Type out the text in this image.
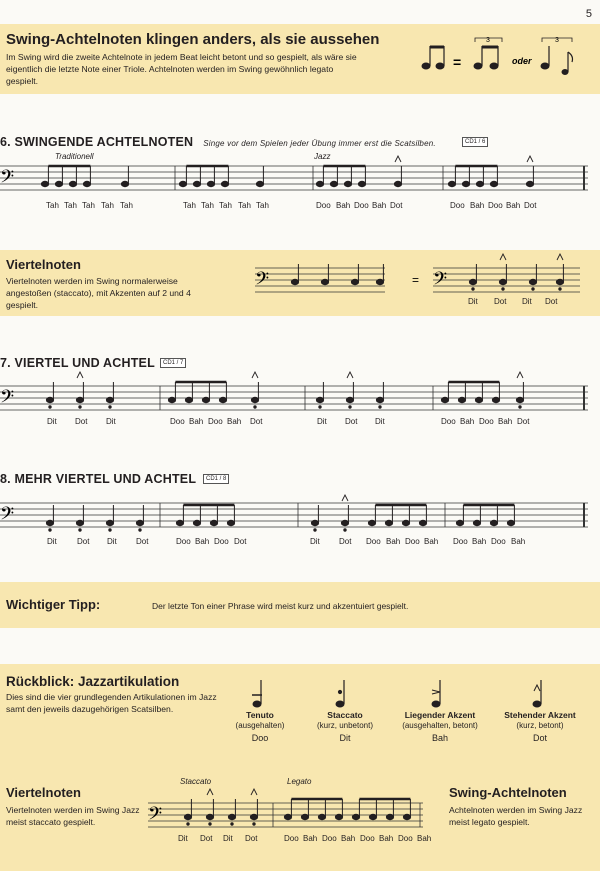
5
Swing-Achtelnoten klingen anders, als sie aussehen
Im Swing wird die zweite Achtelnote in jedem Beat leicht betont und so gespielt, als wäre sie eigentlich die letzte Note einer Triole. Achtelnoten werden im Swing gewöhnlich legato gespielt.
=
3
oder
3
6. SWINGENDE ACHTELNOTEN Singe vor dem Spielen jeder Übung immer erst die Scatsilben.	CD1 / 6
Traditionell	Jazz
𝄢
Tah Tah Tah Tah Tah	Tah Tah Tah Tah Tah	Doo Bah Doo Bah Dot	Doo Bah Doo Bah Dot
Viertelnoten
Viertelnoten werden im Swing normalerweise angestoßen (staccato), mit Akzenten auf 2 und 4 gespielt.
𝄢	𝄢
=
Dit Dot Dit Dot
7. VIERTEL UND ACHTEL	CD1 / 7
𝄢
Dit Dot Dit	Doo Bah Doo Bah Dot	Dit Dot Dit	Doo Bah Doo Bah Dot
8. MEHR VIERTEL UND ACHTEL	CD1 / 8
𝄢
Dit	Dot Dit Dot	Doo Bah Doo Dot	Dit Dot Doo Bah Doo Bah Doo Bah Doo Bah
Wichtiger Tipp:	Der letzte Ton einer Phrase wird meist kurz und akzentuiert gespielt.
Rückblick: Jazzartikulation
Dies sind die vier grundlegenden Artikulationen im Jazz samt den jeweils dazugehörigen Scatsilben.
Tenuto
(ausgehalten)
Doo
Staccato
(kurz, unbetont)
Dit
Liegender Akzent
(ausgehalten, betont)
Bah
Stehender Akzent
(kurz, betont)
Dot
Viertelnoten
Viertelnoten werden im Swing Jazz meist staccato gespielt.
Swing-Achtelnoten
Achtelnoten werden im Swing Jazz meist legato gespielt.
Staccato	Legato
𝄢
Dit Dot Dit Dot	Doo Bah Doo Bah Doo Bah Doo Bah
